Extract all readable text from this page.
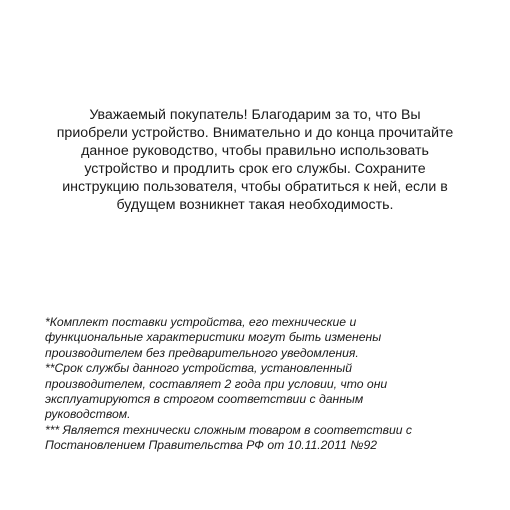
Уважаемый покупатель! Благодарим за то, что Вы
приобрели устройство. Внимательно и до конца прочитайте
данное руководство, чтобы правильно использовать
устройство и продлить срок его службы. Сохраните
инструкцию пользователя, чтобы обратиться к ней, если в
будущем возникнет такая необходимость.
*Комплект поставки устройства, его технические и
функциональные характеристики могут быть изменены
производителем без предварительного уведомления.
**Срок службы данного устройства, установленный
производителем, составляет 2 года при условии, что они
эксплуатируются в строгом соответствии с данным
руководством.
*** Является технически сложным товаром в соответствии с
Постановлением Правительства РФ от 10.11.2011 №92
